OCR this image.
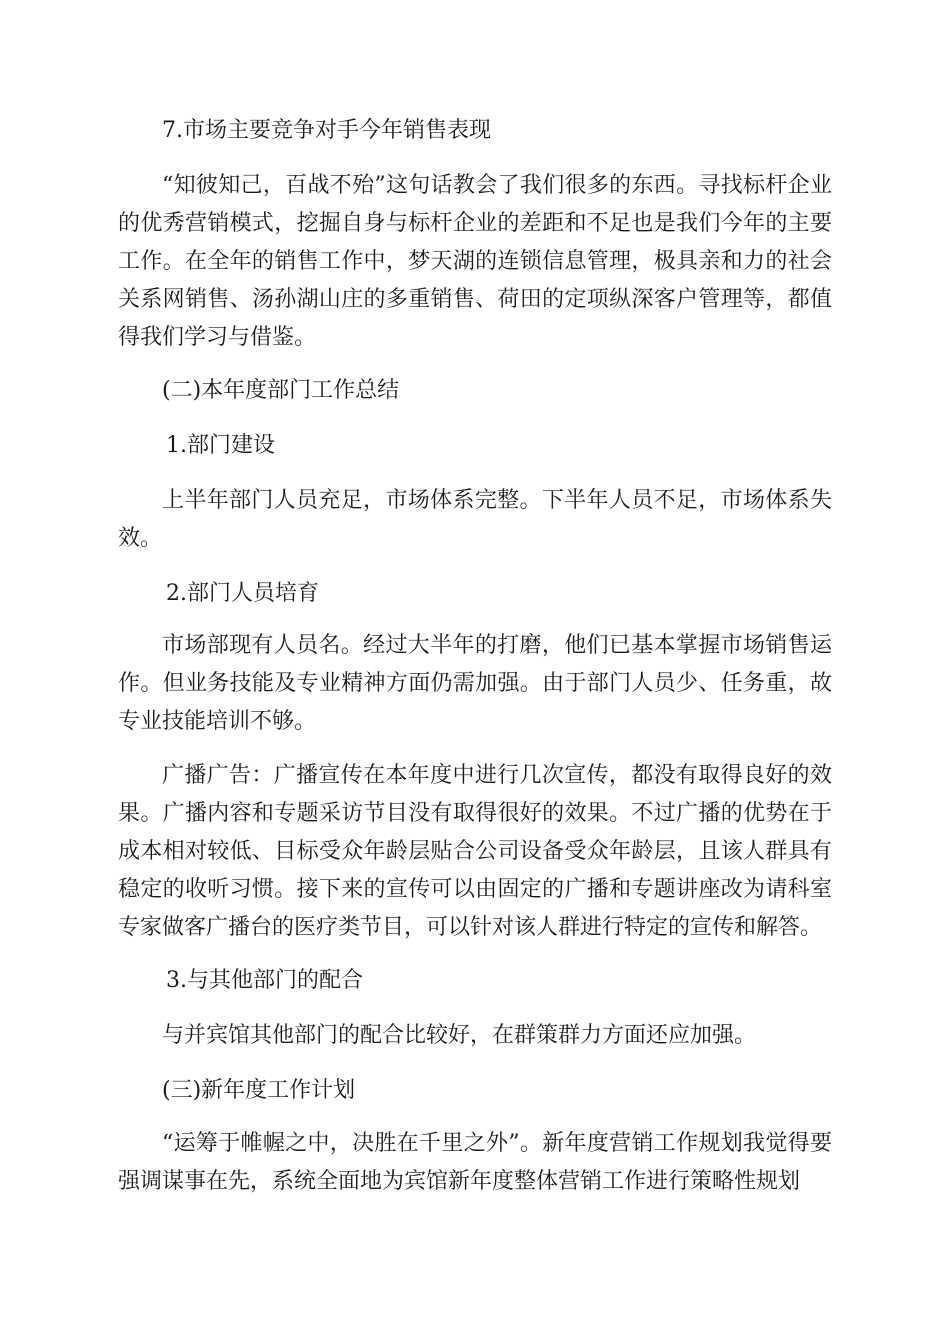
7.市场主要竞争对手今年销售表现
“知彼知己，百战不殆”这句话教会了我们很多的东西。寻找标杆企业的优秀营销模式，挖掘自身与标杆企业的差距和不足也是我们今年的主要工作。在全年的销售工作中，梦天湖的连锁信息管理，极具亲和力的社会关系网销售、汤孙湖山庄的多重销售、荷田的定项纵深客户管理等，都值得我们学习与借鉴。
(二)本年度部门工作总结
1.部门建设
上半年部门人员充足，市场体系完整。下半年人员不足，市场体系失效。
2.部门人员培育
市场部现有人员名。经过大半年的打磨，他们已基本掌握市场销售运作。但业务技能及专业精神方面仍需加强。由于部门人员少、任务重，故专业技能培训不够。
广播广告：广播宣传在本年度中进行几次宣传，都没有取得良好的效果。广播内容和专题采访节目没有取得很好的效果。不过广播的优势在于成本相对较低、目标受众年龄层贴合公司设备受众年龄层，且该人群具有稳定的收听习惯。接下来的宣传可以由固定的广播和专题讲座改为请科室专家做客广播台的医疗类节目，可以针对该人群进行特定的宣传和解答。
3.与其他部门的配合
与并宾馆其他部门的配合比较好，在群策群力方面还应加强。
(三)新年度工作计划
“运筹于帷幄之中，决胜在千里之外”。新年度营销工作规划我觉得要强调谋事在先，系统全面地为宾馆新年度整体营销工作进行策略性规划
